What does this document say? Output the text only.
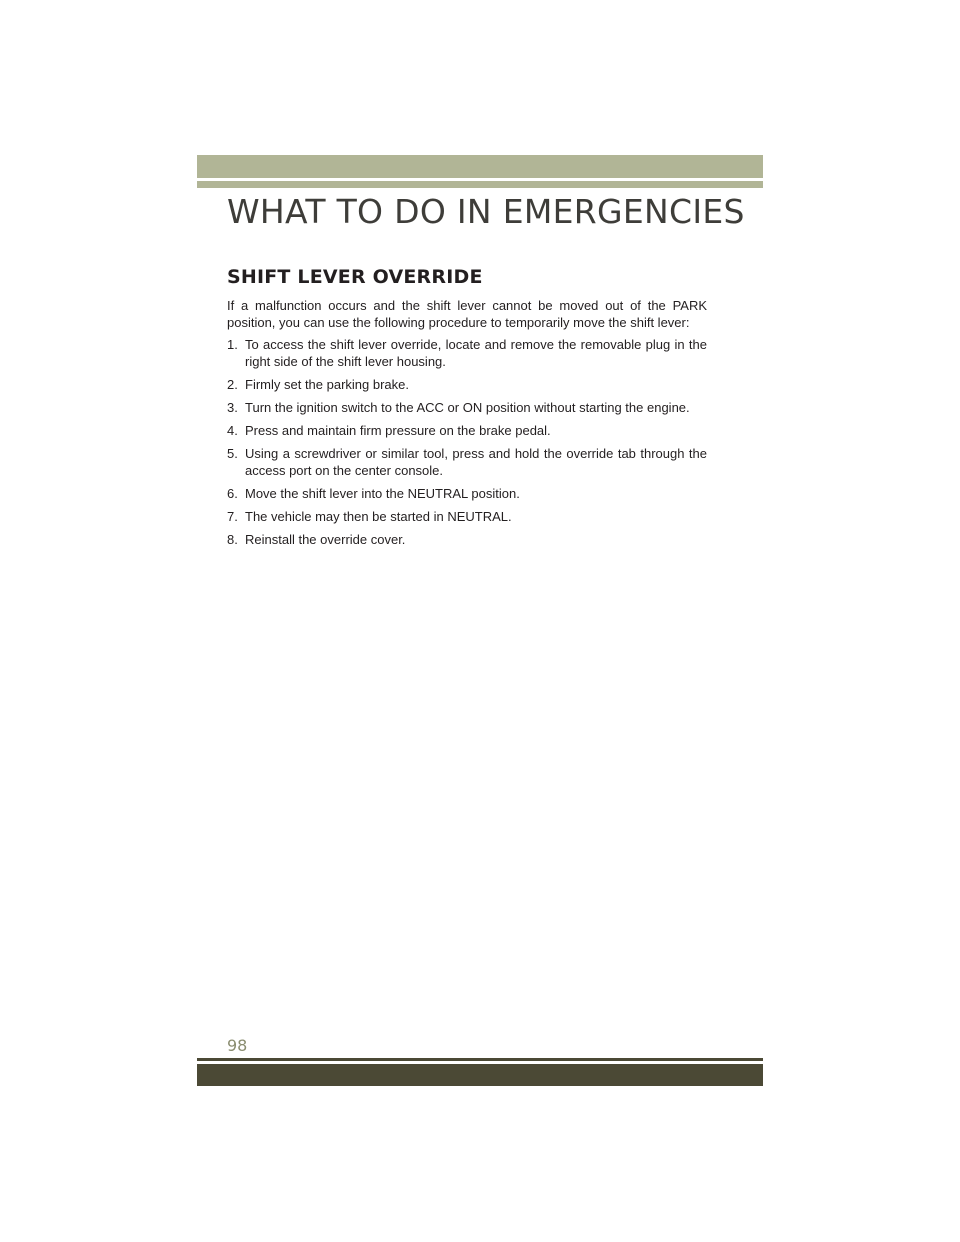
WHAT TO DO IN EMERGENCIES
SHIFT LEVER OVERRIDE

If a malfunction occurs and the shift lever cannot be moved out of the PARK position, you can use the following procedure to temporarily move the shift lever:

1. To access the shift lever override, locate and remove the removable plug in the right side of the shift lever housing.
2. Firmly set the parking brake.
3. Turn the ignition switch to the ACC or ON position without starting the engine.
4. Press and maintain firm pressure on the brake pedal.
5. Using a screwdriver or similar tool, press and hold the override tab through the access port on the center console.
6. Move the shift lever into the NEUTRAL position.
7. The vehicle may then be started in NEUTRAL.
8. Reinstall the override cover.
98
